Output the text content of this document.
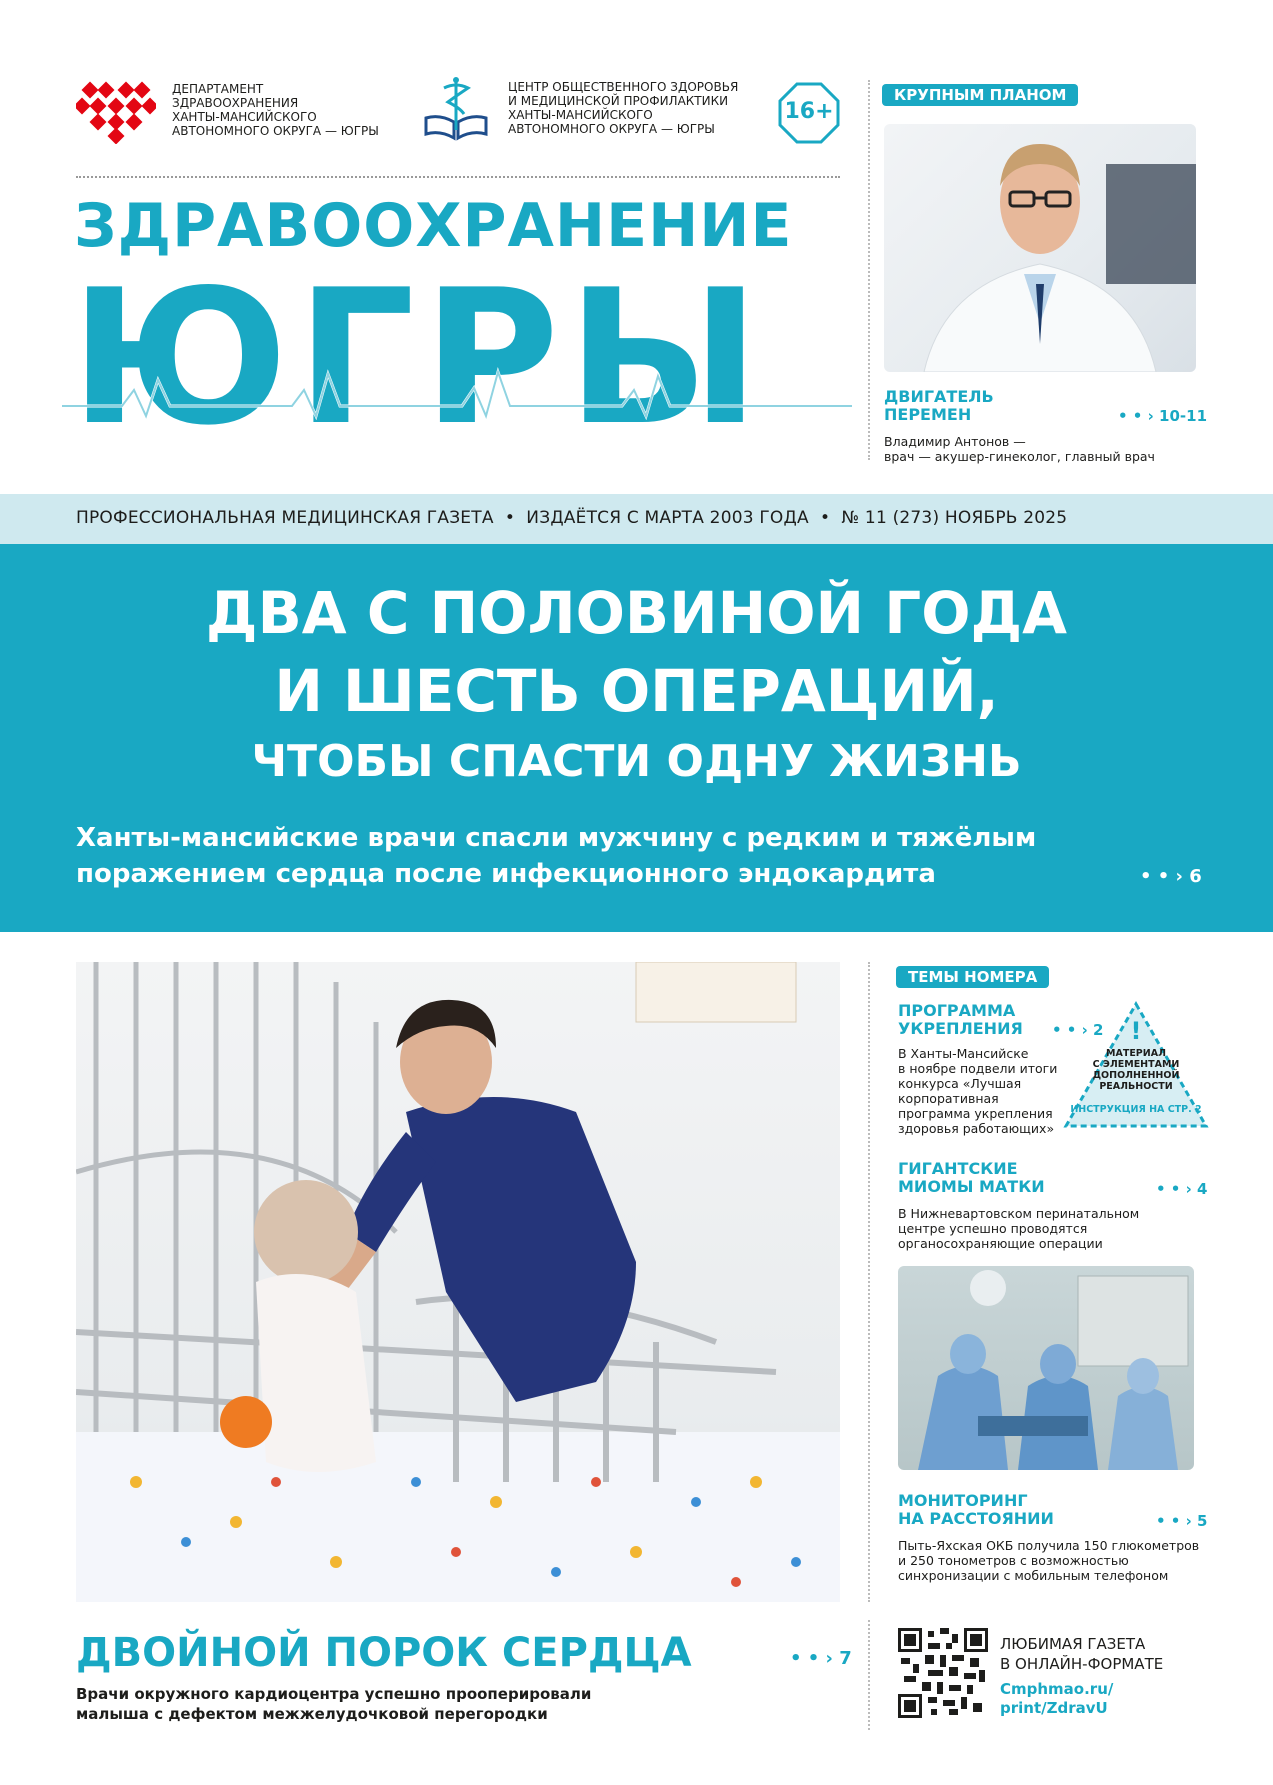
ДЕПАРТАМЕНТ
ЗДРАВООХРАНЕНИЯ
ХАНТЫ-МАНСИЙСКОГО
АВТОНОМНОГО ОКРУГА — ЮГРЫ
ЦЕНТР ОБЩЕСТВЕННОГО ЗДОРОВЬЯ
И МЕДИЦИНСКОЙ ПРОФИЛАКТИКИ
ХАНТЫ-МАНСИЙСКОГО
АВТОНОМНОГО ОКРУГА — ЮГРЫ
16+
ЗДРАВООХРАНЕНИЕ
ЮГРЫ
КРУПНЫМ ПЛАНОМ
ДВИГАТЕЛЬ
ПЕРЕМЕН	• • › 10-11
Владимир Антонов —
врач — акушер-гинеколог, главный врач
ПРОФЕССИОНАЛЬНАЯ МЕДИЦИНСКАЯ ГАЗЕТА  •  ИЗДАЁТСЯ С МАРТА 2003 ГОДА  •  № 11 (273) НОЯБРЬ 2025
ДВА С ПОЛОВИНОЙ ГОДА
И ШЕСТЬ ОПЕРАЦИЙ,
ЧТОБЫ СПАСТИ ОДНУ ЖИЗНЬ
Ханты-мансийские врачи спасли мужчину с редким и тяжёлым
поражением сердца после инфекционного эндокардита	• • › 6
ТЕМЫ НОМЕРА
ПРОГРАММА
УКРЕПЛЕНИЯ • • › 2
В Ханты-Мансийске
в ноябре подвели итоги
конкурса «Лучшая
корпоративная
программа укрепления
здоровья работающих»
!
МАТЕРИАЛ
С ЭЛЕМЕНТАМИ
ДОПОЛНЕННОЙ
РЕАЛЬНОСТИ
ИНСТРУКЦИЯ НА СТР. 2
ГИГАНТСКИЕ
МИОМЫ МАТКИ	• • › 4
В Нижневартовском перинатальном
центре успешно проводятся
органосохраняющие операции
МОНИТОРИНГ
НА РАССТОЯНИИ	• • › 5
Пыть-Яхская ОКБ получила 150 глюкометров
и 250 тонометров с возможностью
синхронизации с мобильным телефоном
ДВОЙНОЙ ПОРОК СЕРДЦА	• • › 7
Врачи окружного кардиоцентра успешно прооперировали
малыша с дефектом межжелудочковой перегородки
ЛЮБИМАЯ ГАЗЕТА
В ОНЛАЙН-ФОРМАТЕ
Cmphmao.ru/
print/ZdravU
